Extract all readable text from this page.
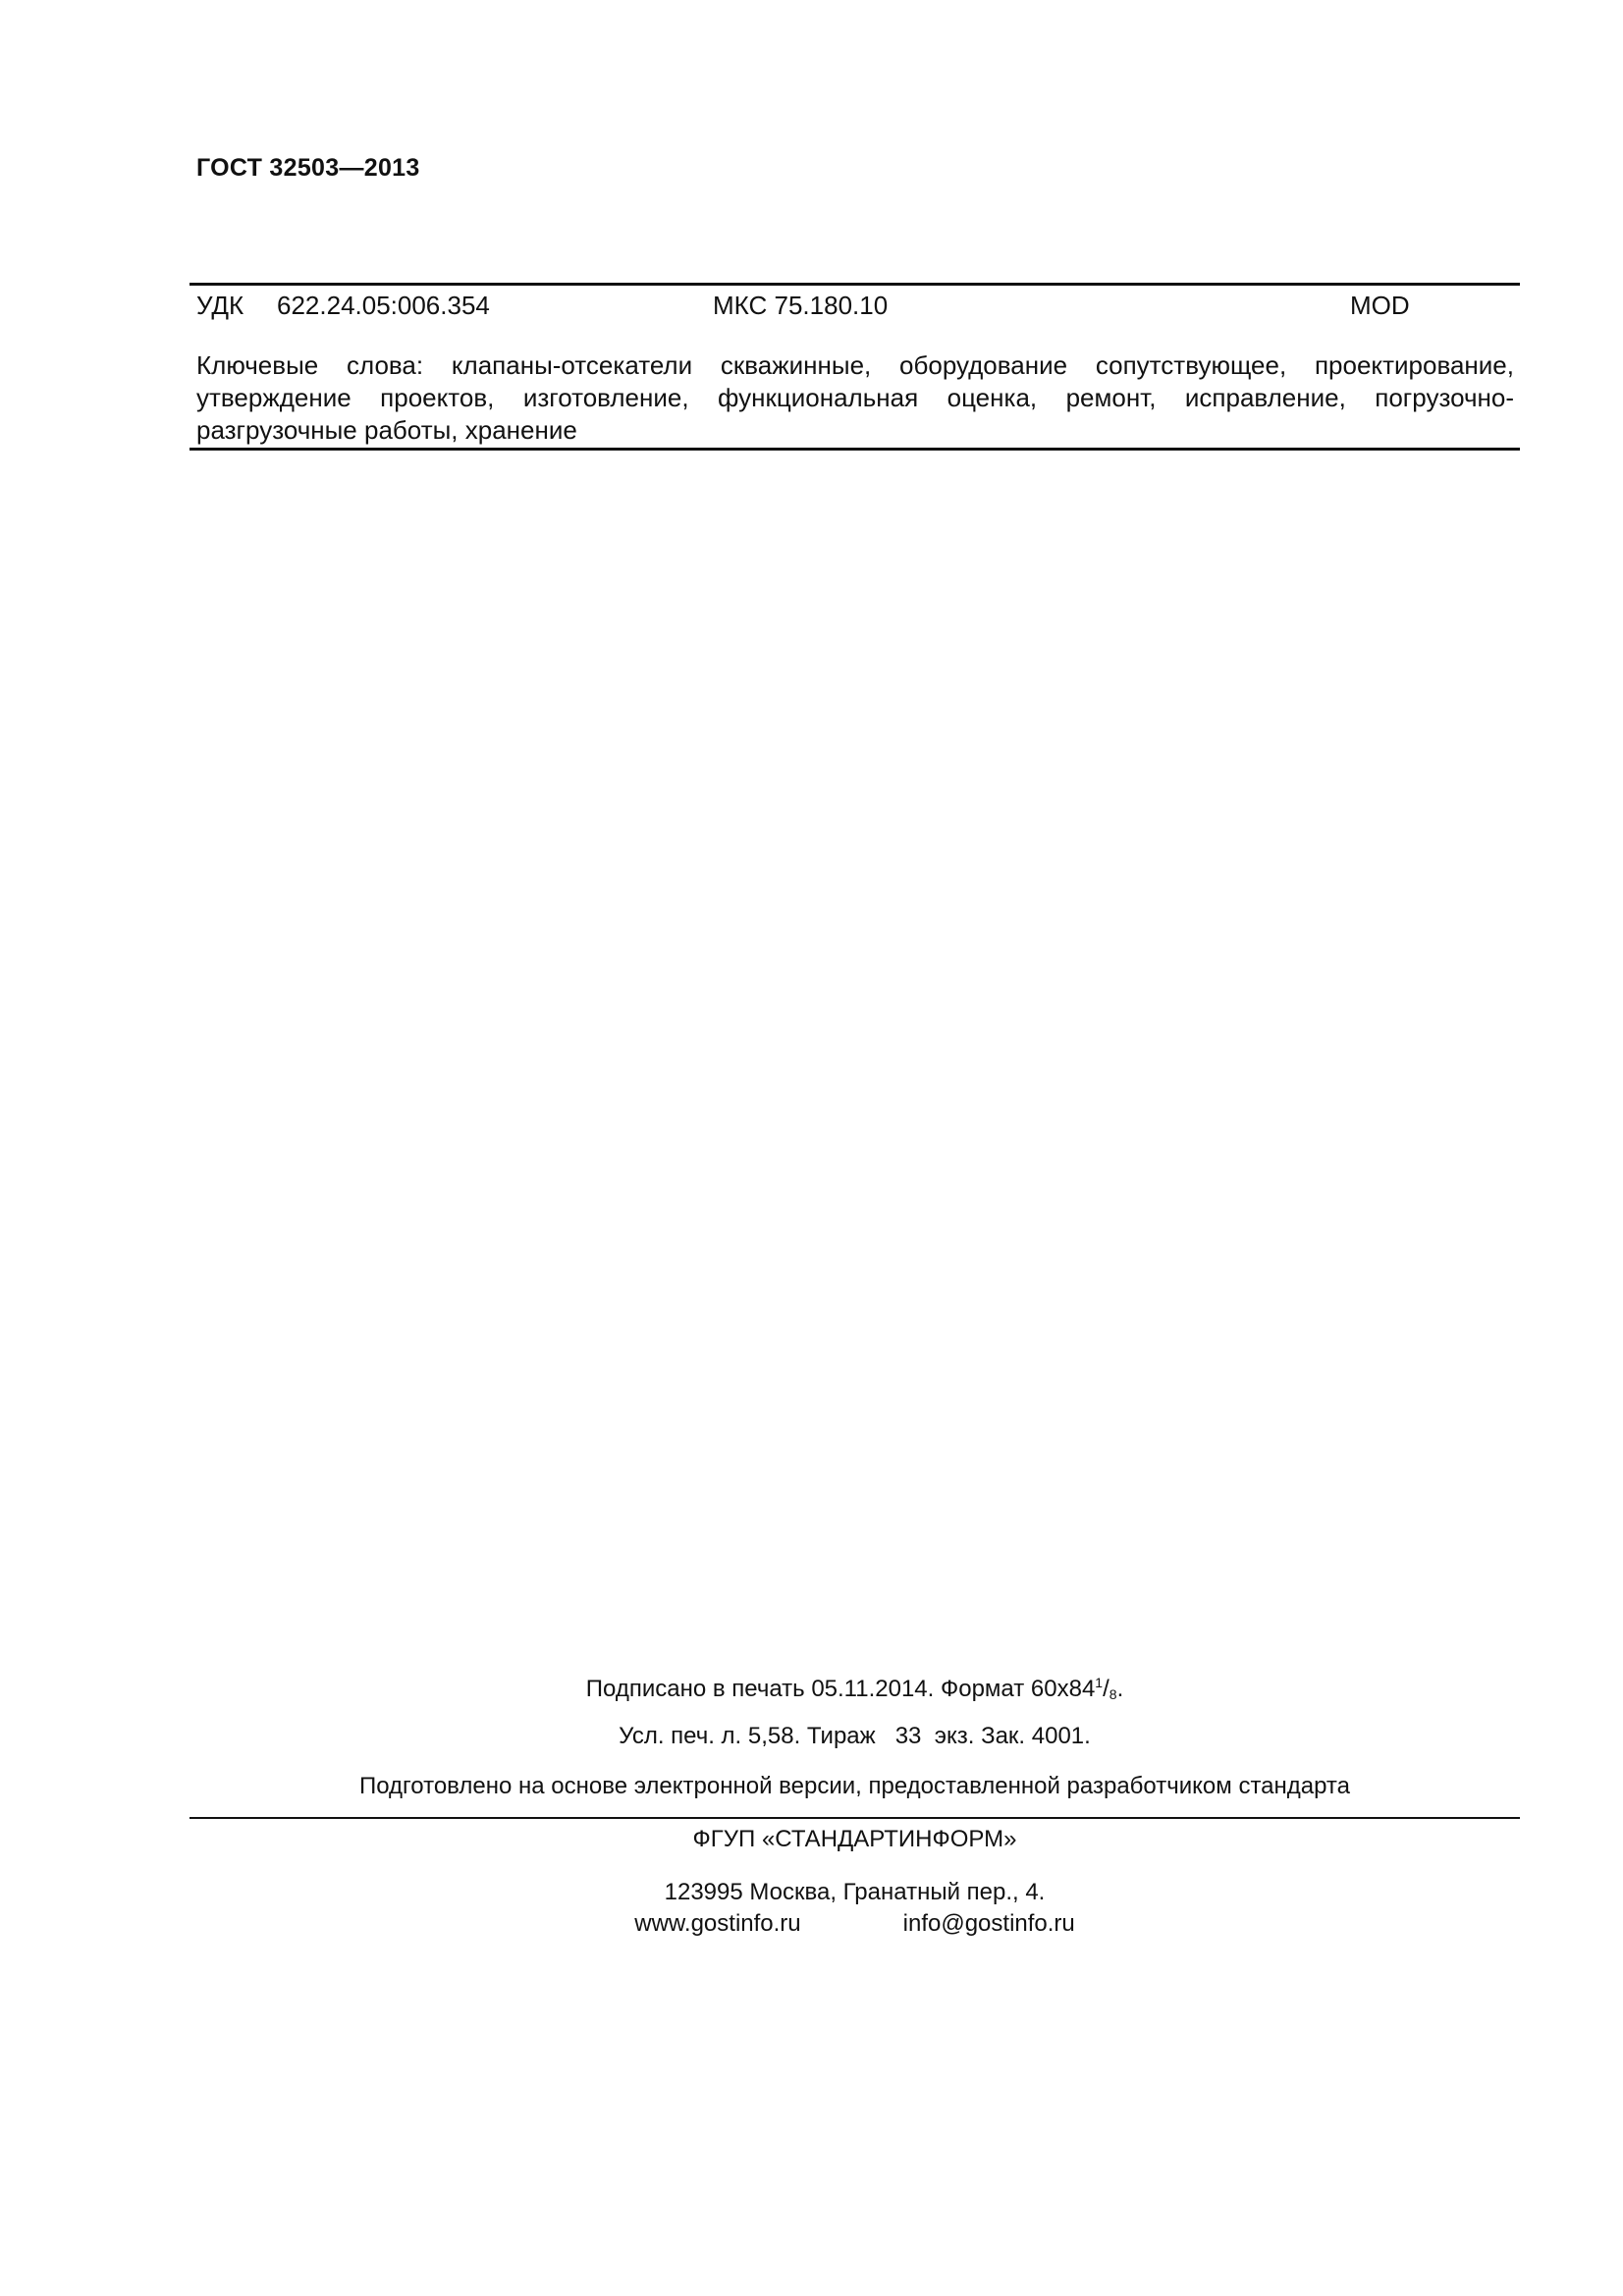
ГОСТ 32503—2013
УДК 622.24.05:006.354	МКС 75.180.10	MOD
Ключевые слова: клапаны-отсекатели скважинные, оборудование сопутствующее, проектирование, утверждение проектов, изготовление, функциональная оценка, ремонт, исправление, погрузочно-разгрузочные работы, хранение
Подписано в печать 05.11.2014. Формат $60x84^1/_8$.
Усл. печ. л. 5,58. Тираж   33  экз. Зак. 4001.
Подготовлено на основе электронной версии, предоставленной разработчиком стандарта
ФГУП «СТАНДАРТИНФОРМ»
123995 Москва, Гранатный пер., 4.
www.gostinfo.ru	info@gostinfo.ru
